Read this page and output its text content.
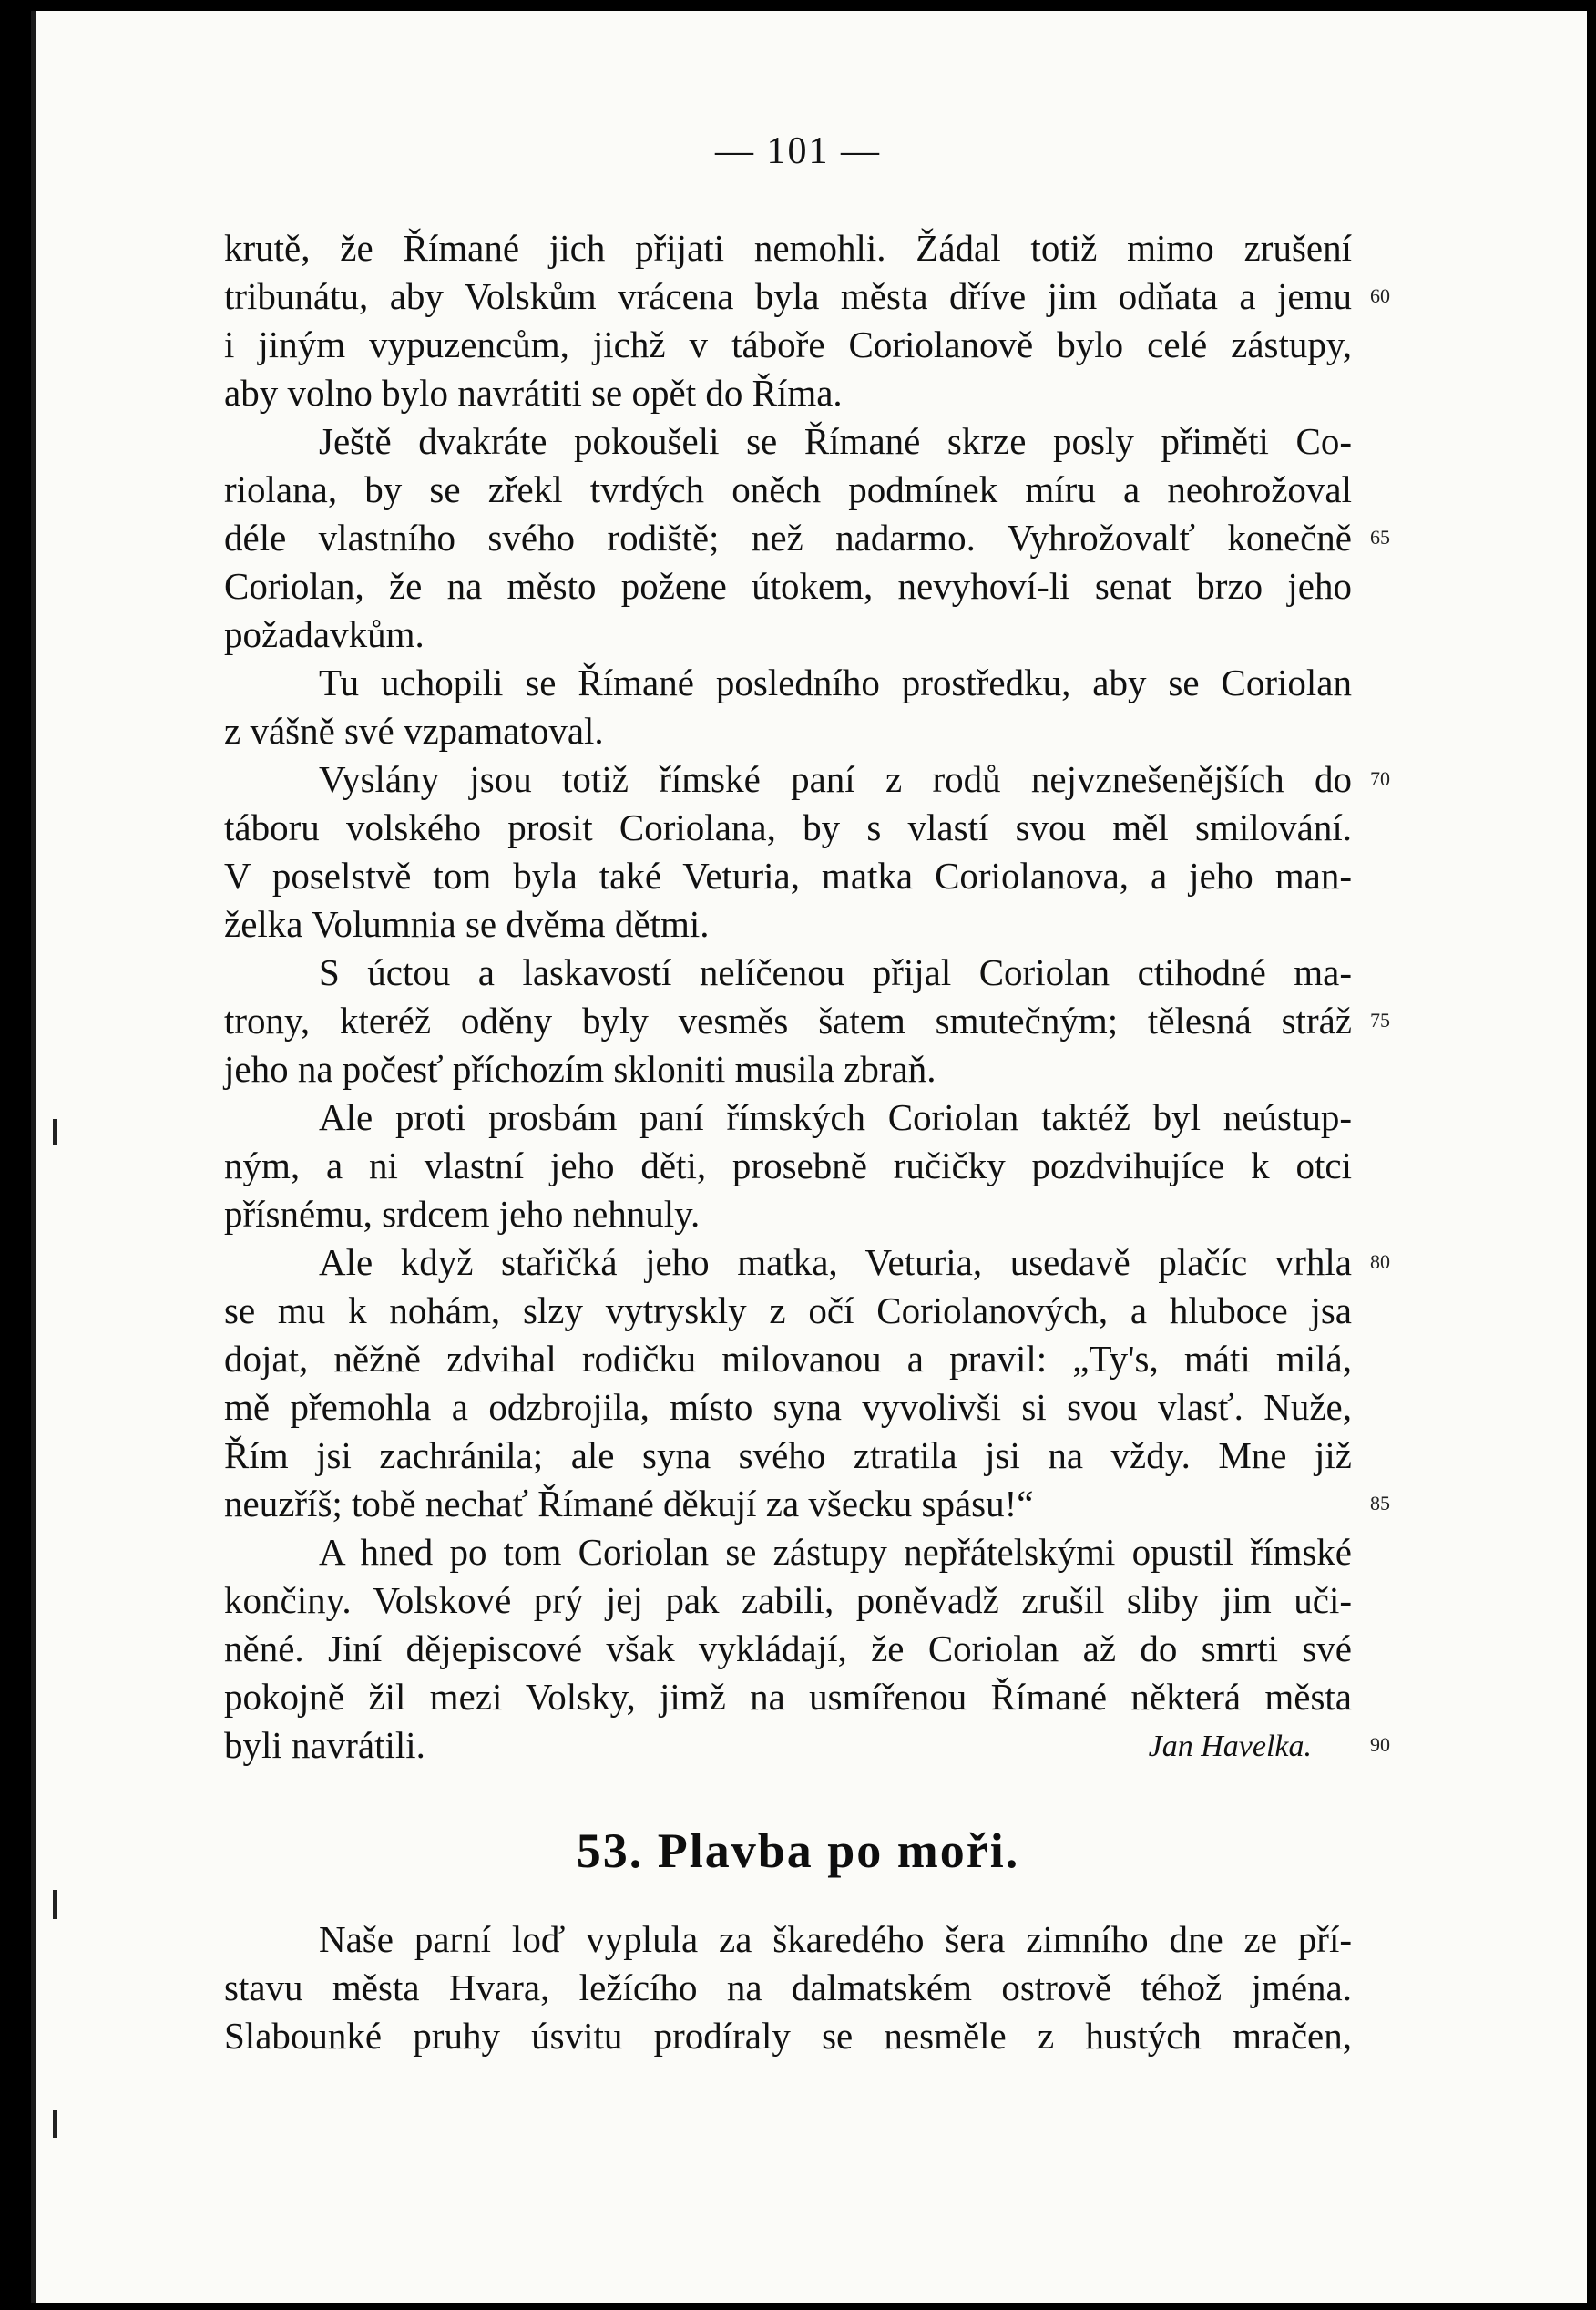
— 101 —
krutě, že Římané jich přijati nemohli. Žádal totiž mimo zrušení
tribunátu, aby Volskům vrácena byla města dříve jim odňata a jemu
i jiným vypuzencům, jichž v táboře Coriolanově bylo celé zástupy,
aby volno bylo navrátiti se opět do Říma.
Ještě dvakráte pokoušeli se Římané skrze posly přiměti Co-
riolana, by se zřekl tvrdých oněch podmínek míru a neohrožoval
déle vlastního svého rodiště; než nadarmo. Vyhrožovalť konečně
Coriolan, že na město požene útokem, nevyhoví-li senat brzo jeho
požadavkům.
Tu uchopili se Římané posledního prostředku, aby se Coriolan
z vášně své vzpamatoval.
Vyslány jsou totiž římské paní z rodů nejvznešenějších do
táboru volského prosit Coriolana, by s vlastí svou měl smilování.
V poselstvě tom byla také Veturia, matka Coriolanova, a jeho man-
želka Volumnia se dvěma dětmi.
S úctou a laskavostí nelíčenou přijal Coriolan ctihodné ma-
trony, kteréž oděny byly vesměs šatem smutečným; tělesná stráž
jeho na počesť příchozím skloniti musila zbraň.
Ale proti prosbám paní římských Coriolan taktéž byl neústup-
ným, a ni vlastní jeho děti, prosebně ručičky pozdvihujíce k otci
přísnému, srdcem jeho nehnuly.
Ale když stařičká jeho matka, Veturia, usedavě plačíc vrhla
se mu k nohám, slzy vytryskly z očí Coriolanových, a hluboce jsa
dojat, něžně zdvihal rodičku milovanou a pravil: „Ty's, máti milá,
mě přemohla a odzbrojila, místo syna vyvolivši si svou vlasť. Nuže,
Řím jsi zachránila; ale syna svého ztratila jsi na vždy. Mne již
neuzříš; tobě nechať Římané děkují za všecku spásu!“
A hned po tom Coriolan se zástupy nepřátelskými opustil římské
končiny. Volskové prý jej pak zabili, poněvadž zrušil sliby jim uči-
něné. Jiní dějepiscové však vykládají, že Coriolan až do smrti své
pokojně žil mezi Volsky, jimž na usmířenou Římané některá města
byli navrátili.
60
65
70
75
80
85
90
Jan Havelka.
53. Plavba po moři.
Naše parní loď vyplula za škaredého šera zimního dne ze pří-
stavu města Hvara, ležícího na dalmatském ostrově téhož jména.
Slabounké pruhy úsvitu prodíraly se nesměle z hustých mračen,
